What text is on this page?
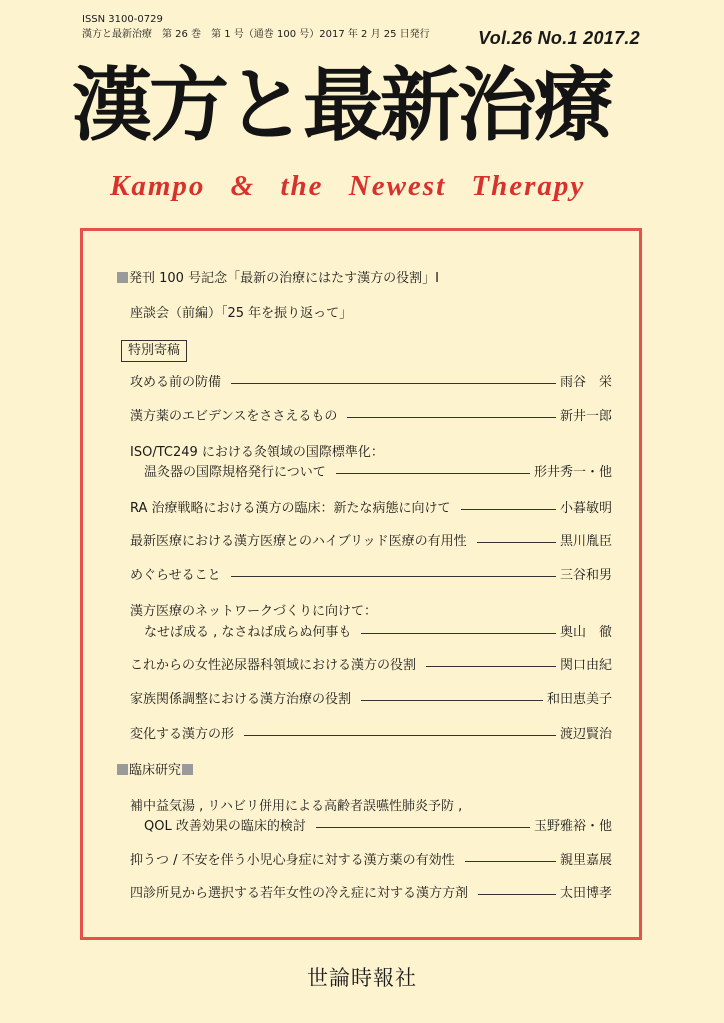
ISSN 3100-0729
漢方と最新治療　第 26 巻　第 1 号（通巻 100 号）2017 年 2 月 25 日発行	Vol.26 No.1 2017.2
漢方と最新治療
Kampo & the Newest Therapy
発刊 100 号記念「最新の治療にはたす漢方の役割」I
座談会（前編）「25 年を振り返って」
特別寄稿
攻める前の防備	雨谷　栄
漢方薬のエビデンスをささえるもの	新井一郎
ISO/TC249 における灸領域の国際標準化：
温灸器の国際規格発行について	形井秀一・他
RA 治療戦略における漢方の臨床：新たな病態に向けて	小暮敏明
最新医療における漢方医療とのハイブリッド医療の有用性	黒川胤臣
めぐらせること	三谷和男
漢方医療のネットワークづくりに向けて：
なせば成る , なさねば成らぬ何事も	奥山　徹
これからの女性泌尿器科領域における漢方の役割	関口由紀
家族関係調整における漢方治療の役割	和田恵美子
変化する漢方の形	渡辺賢治
臨床研究
補中益気湯 , リハビリ併用による高齢者誤嚥性肺炎予防 ,
QOL 改善効果の臨床的検討	玉野雅裕・他
抑うつ / 不安を伴う小児心身症に対する漢方薬の有効性	親里嘉展
四診所見から選択する若年女性の冷え症に対する漢方方剤	太田博孝
世論時報社
